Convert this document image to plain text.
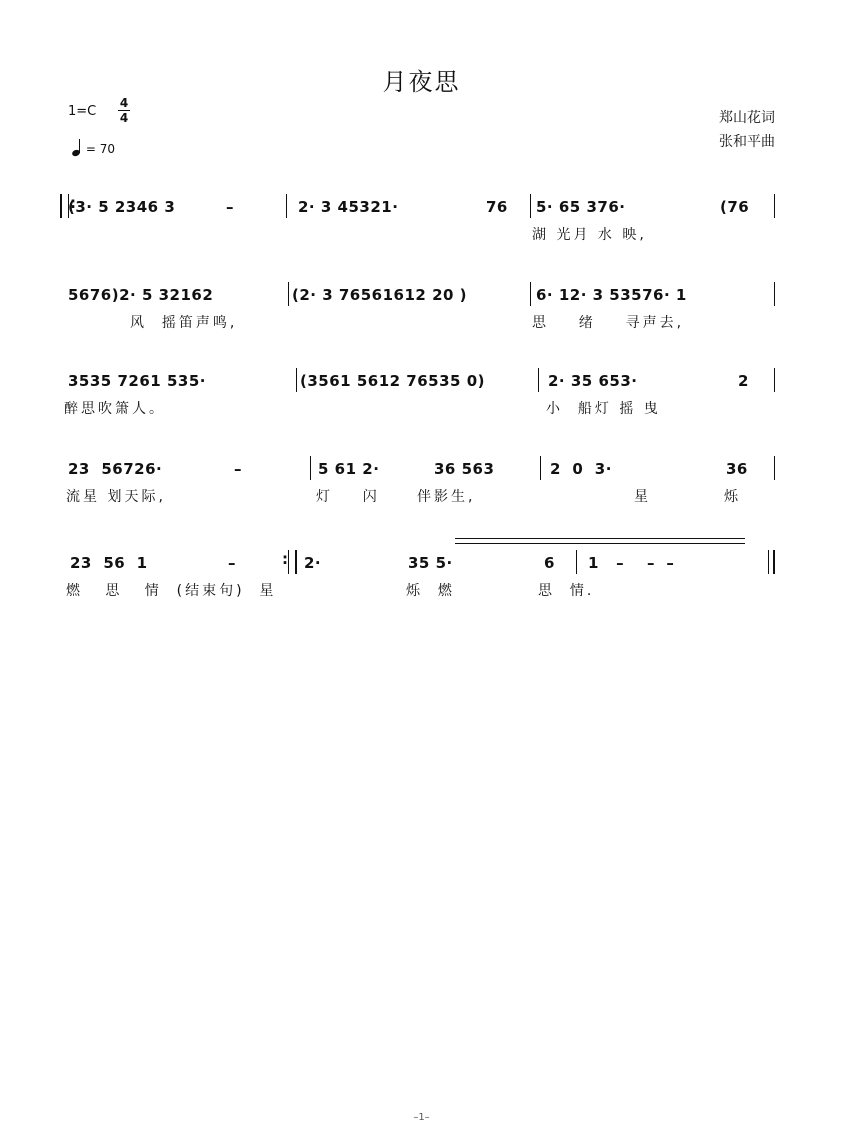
月夜思
1=C
4
4
= 70
郑山花词
张和平曲
:
(3· 5 2346 3	–	2· 3 45321·	76 5· 65 376·	(76
湖 光月 水 映,
5676)2· 5 32162	(2· 3 76561612 20 )	6· 12· 3 53576· 1
风  摇笛声鸣,	思    绪    寻声去,
3535 7261 535·	(3561 5612 76535 0)	2· 35 653·	2
醉思吹箫人。	小  船灯 摇 曳
23  56726·	–	5 61 2·	36 563	2  0  3·	36
流星 划天际,	灯    闪     伴影生,	星	烁
:
23  56  1	–	2·	35 5·	6 1   –    –  –
燃   思   情  (结束句)  星	烁  燃	思  情.
–1–
